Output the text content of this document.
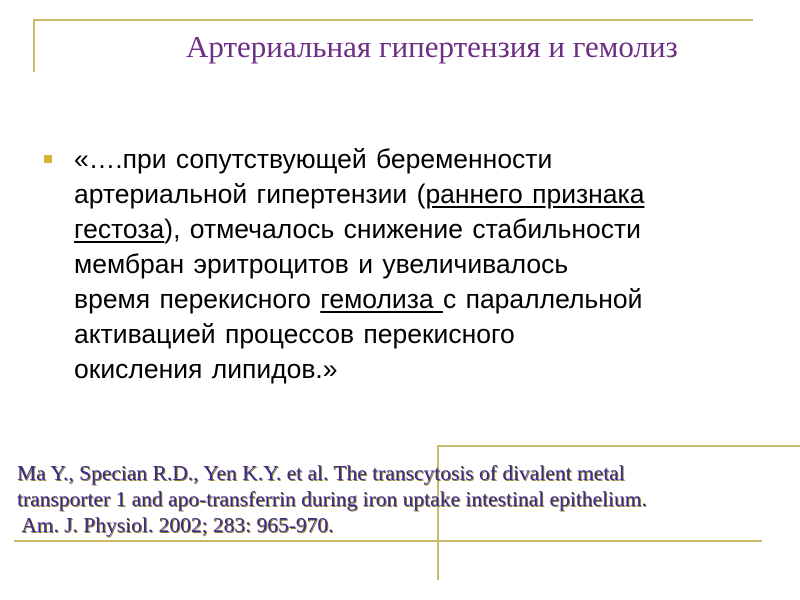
Артериальная гипертензия и гемолиз
«….при сопутствующей беременности
артериальной гипертензии (раннего признака
гестоза), отмечалось снижение стабильности
мембран эритроцитов и увеличивалось
время перекисного гемолиза с параллельной
активацией процессов перекисного
окисления липидов.»
Ma Y., Specian R.D., Yen K.Y. et al. The transcytosis of divalent metal
transporter 1 and apo-transferrin during iron uptake intestinal epithelium.
Am. J. Physiol. 2002; 283: 965-970.
